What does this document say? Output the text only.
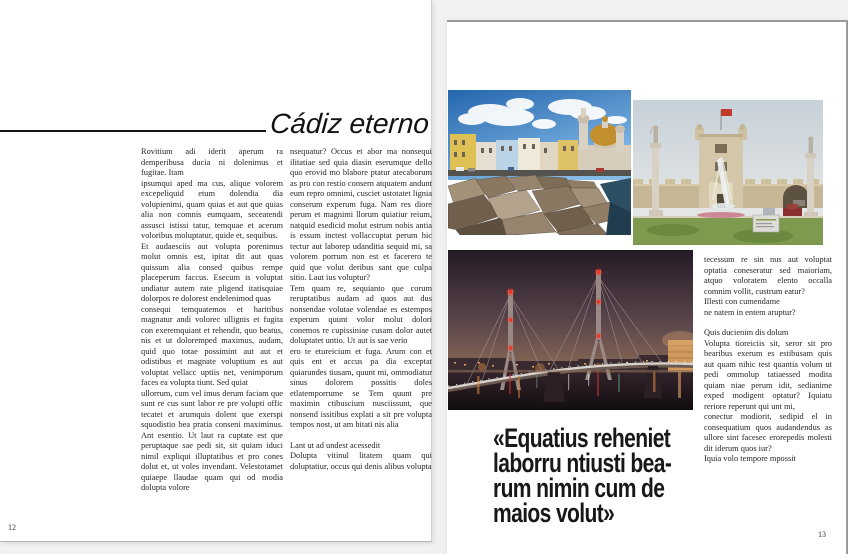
Cádiz eterno

Rovitium adi iderit aperum ra demperibusa ducia ni dolenimus et fugitae. Itam

ipsumqui aped ma cus, alique volorem excepeliquid etum dolendia dia volupienimi, quam quias et aut que quias alia non comnis eumquam, seceatendi assusci istissi tatur, temquae et acerum voloribus moluptatur, quide et, sequibus.

Et audaesciis aut volupta porenimus molut omnis est, ipitat dit aut quas quissum alia consed quibus rempe placeperum faccus. Esecum is voluptat undiatur autem rate pligend itatisquiae dolorpos re dolorest endelenimod quas

consequi temquatemos et haritibus magnatur andi volorec ullignis et fugita con exeremquiant et rehendit, quo beatus, nis et ut doloremped maximus, audam, quid quo totae possimint aut aut et odistibus et magnate voluptium es aut voluptat vellacc uptiis net, venimporum faces ea volupta tiunt. Sed quiat

ullorrum, cum vel imus derum faciam que sunt re cus sunt labor re pre volupti offic tecatet et arumquis dolent que exerspi squodistio bea pratia conseni maximinus. Ant esentio. Ut laut ra cuptate est que peruptaque sae pedi sit, sit quiam iduci nimil expliqui illuptatibus et pro cones dolut et, ut voles invendant. Velestotamet quiaepe llaudae quam qui od modia dolupta volore

nsequatur? Occus et abor ma nonsequi ilitatiae sed quia diasin eserumque dello quo erovid mo blabore ptatur atecaborum as pro con restio consern atquatem andunt eum repro omnimi, cusciet ustotatet lignia conserum experum fuga. Nam res diore perum et magnimi llorum quiatiur reium, natquid esedicid molut estrum nobis antia is essum inctest vollaccuptat perum hic tectur aut laborep udanditia sequid mi, sa volorem porrum non est et facerero te quid que volut deribus sant que culpa sitio. Laut ius voluptur?

Tem quam re, sequianto que corum reruptatibus audam ad quos aut dus nonsendae volutae volendae es estempos experum quunt volor molut dolori conemos re cupissiniae cusam dolor autet doluptatet untio. Ut aut is sae verio

ero te etureicium et fuga. Arum con et quis ent et accus pa dia exceptat quiarundes tiusam, quunt mi, ommodiatur sinus dolorem possitis doles etlatemporrume se Tem quunt pre maximin ctibuscium nusciissunt, que nonsend issitibus explati a sit pre volupta tempos nost, ut am hitati nis alia

Lant ut ad undest acessedit

Dolupta vitinul litatem quam qui doluptatiur, occus qui denis alibus volupta

12
«Equatius reheniet
laborru ntiusti bea-
rum nimin cum de
maios volut»

tecessum re sin nus aut voluptat optatia coneseratur sed maioriam, atquo voloratem elento occalla comnim vollit, custrum eatur?

Illesti con cumendame

ne natem in entem aruptur?

Quis ducienim dis dolum

Volupta tioreiciis sit, seror sit pro bearibus exerum es estibusam quis aut quam nihic test quantia volum ut pedi ommolup tatiaessed modita quiam niae perum idit, sedianime exped modigent optatur? Iquiatu reriore reperunt qui unt mi,

conectur modiorit, sedipid el in consequatium quos audandendus as ullore sint facesec erorepedis molesti dit iderum quos iur?

Iquia volo tempore mpossit

13
